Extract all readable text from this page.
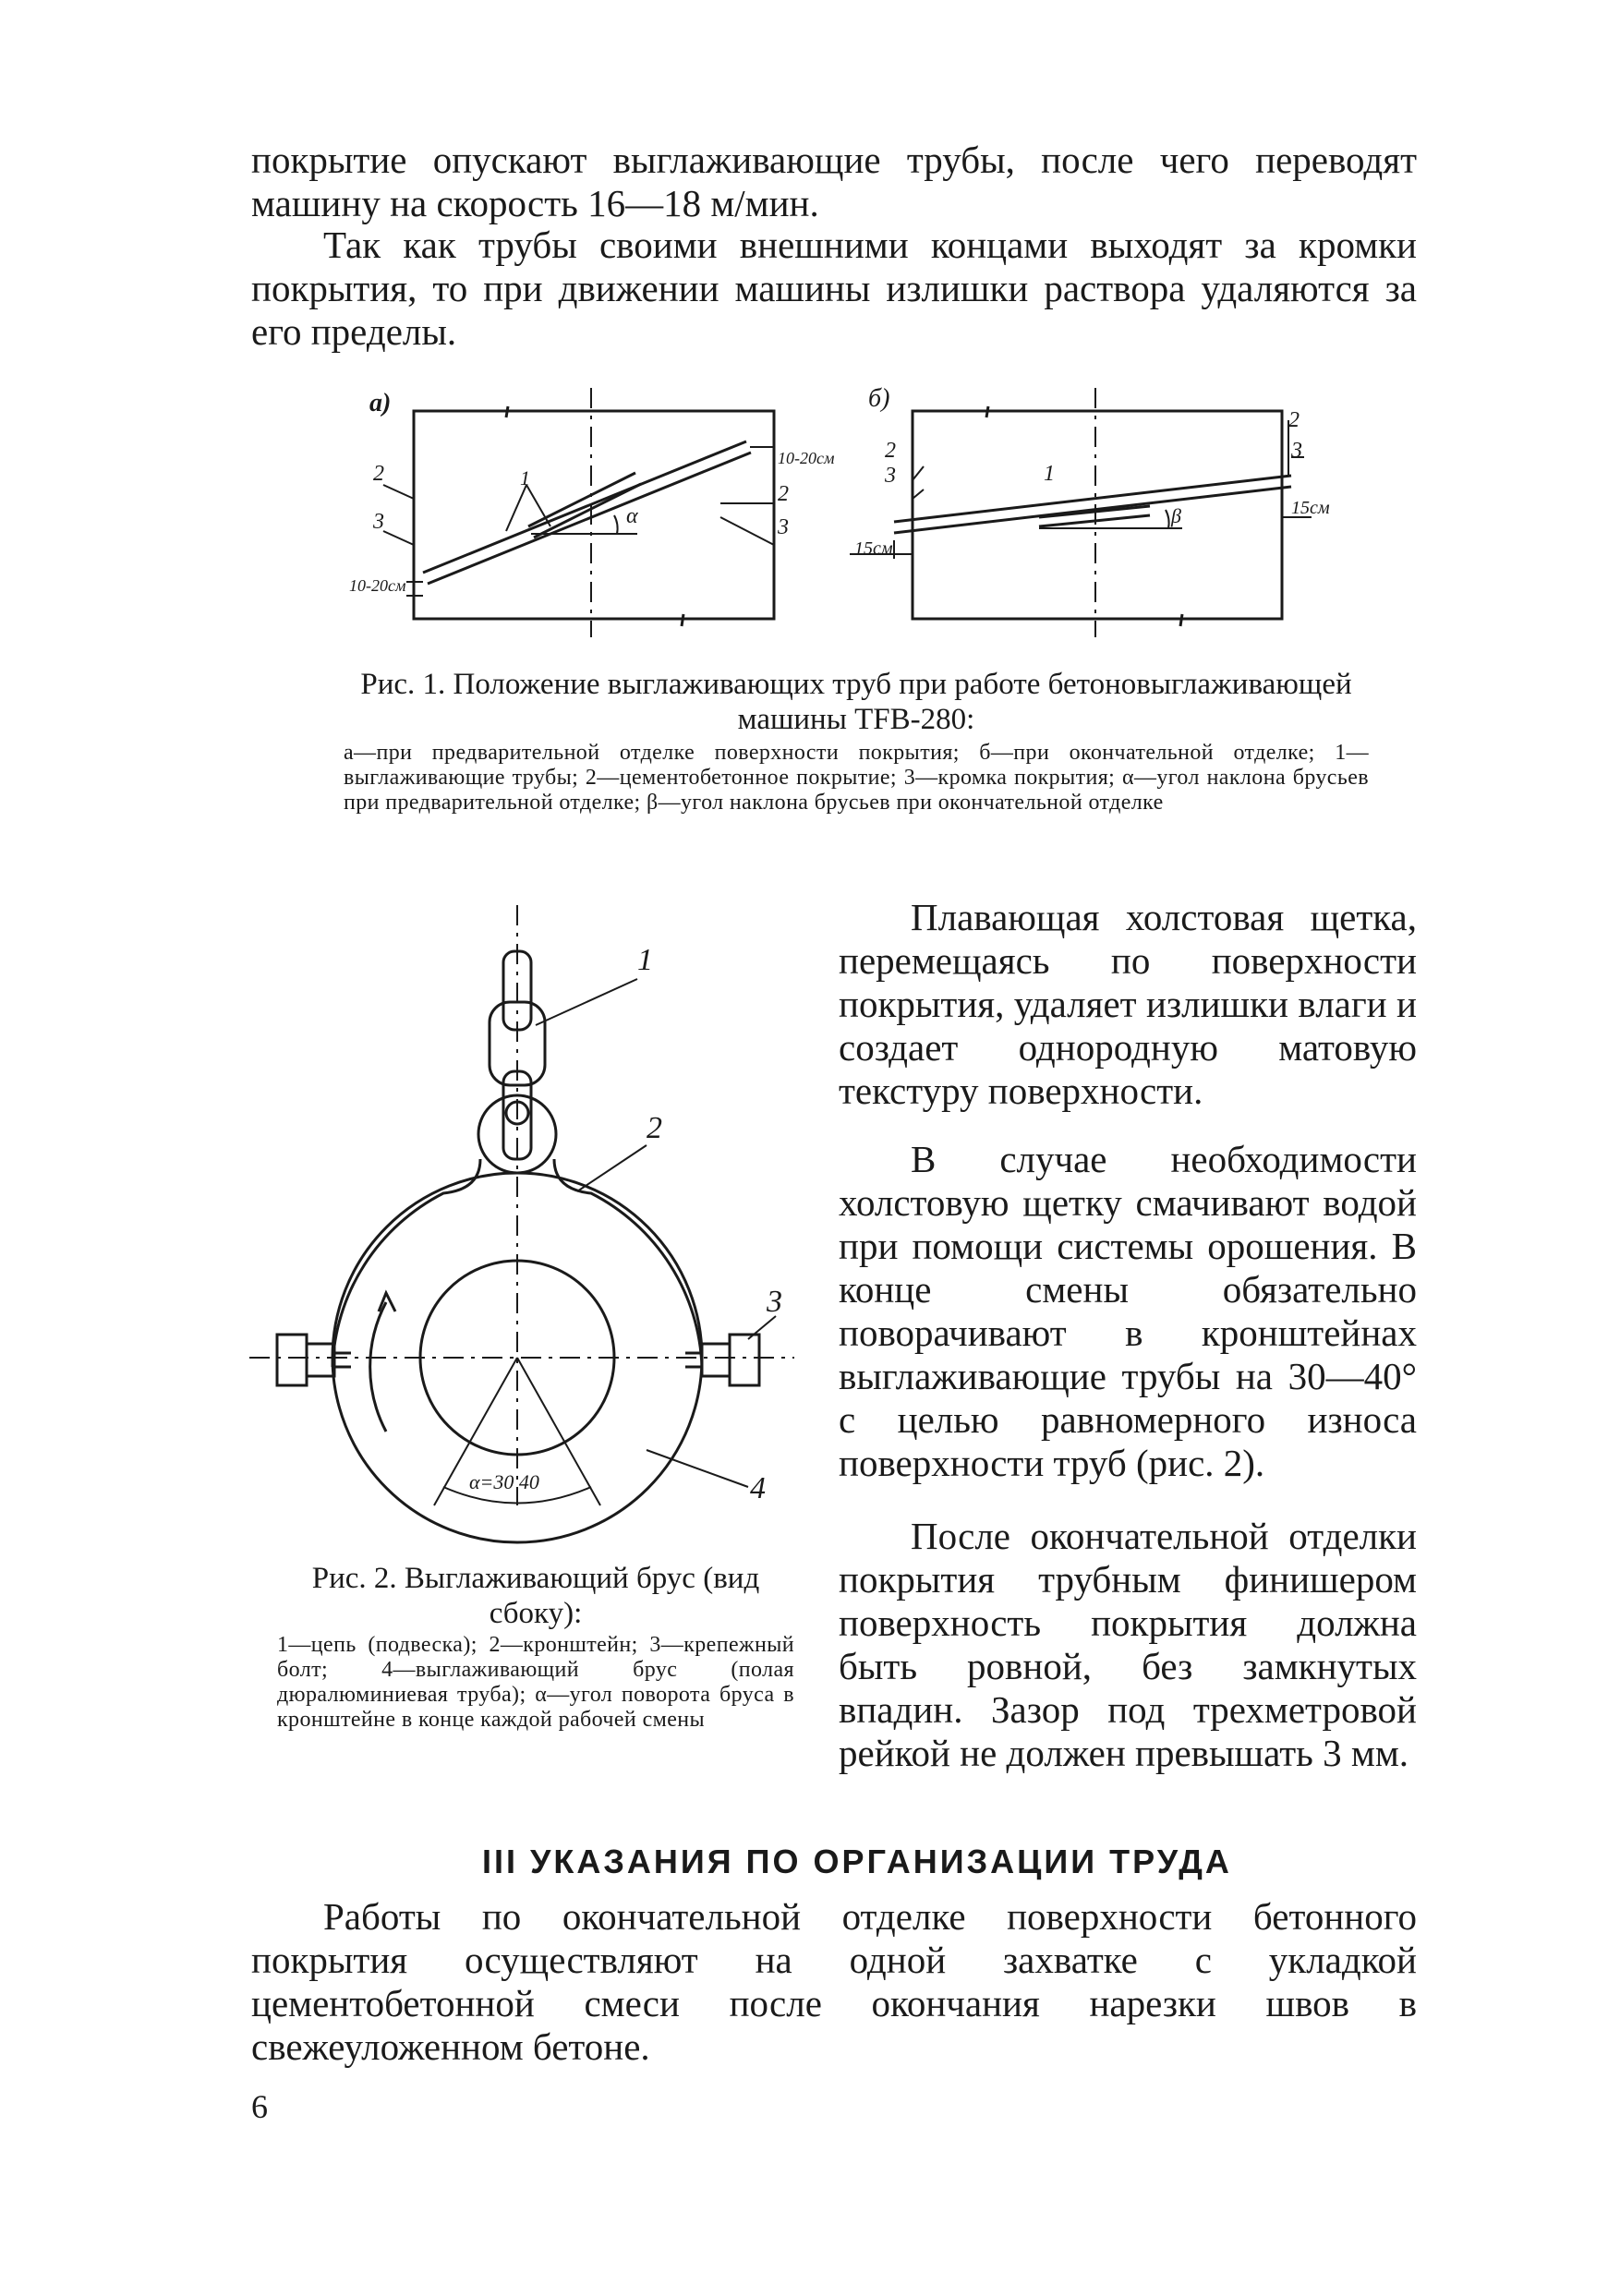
покрытие опускают выглаживающие трубы, после чего переводят машину на скорость 16—18 м/мин.

Так как трубы своими внешними концами выходят за кромки покрытия, то при движении машины излишки раствора удаляются за его пределы.

а)
10-20см
10-20см
α
1
2
3
2
3
б)
2
3	1
2
3
β
15см
15см
1
2
3
4
α=30 40

Рис. 1. Положение выглаживающих труб при работе бетоновыглаживающей машины TFB-280:

а—при предварительной отделке поверхности покрытия; б—при окончательной отделке; 1—выглаживающие трубы; 2—цементобетонное покрытие; 3—кромка покрытия; α—угол наклона брусьев при предварительной отделке; β—угол наклона брусьев при окончательной отделке

Плавающая холстовая щетка, перемещаясь по поверхности покрытия, удаляет излишки влаги и создает однородную матовую текстуру поверхности.

В случае необходимости холстовую щетку смачивают водой при помощи системы орошения. В конце смены обязательно поворачивают в кронштейнах выглаживающие трубы на 30—40° с целью равномерного износа поверхности труб (рис. 2).

После окончательной отделки покрытия трубным финишером поверхность покрытия должна быть ровной, без замкнутых впадин. Зазор под трехметровой рейкой не должен превышать 3 мм.

Рис. 2. Выглаживающий брус (вид сбоку):

1—цепь (подвеска); 2—кронштейн; 3—крепежный болт; 4—выглаживающий брус (полая дюралюминиевая труба); α—угол поворота бруса в кронштейне в конце каждой рабочей смены

III УКАЗАНИЯ ПО ОРГАНИЗАЦИИ ТРУДА

Работы по окончательной отделке поверхности бетонного покрытия осуществляют на одной захватке с укладкой цементобетонной смеси после окончания нарезки швов в свежеуложенном бетоне.

6
